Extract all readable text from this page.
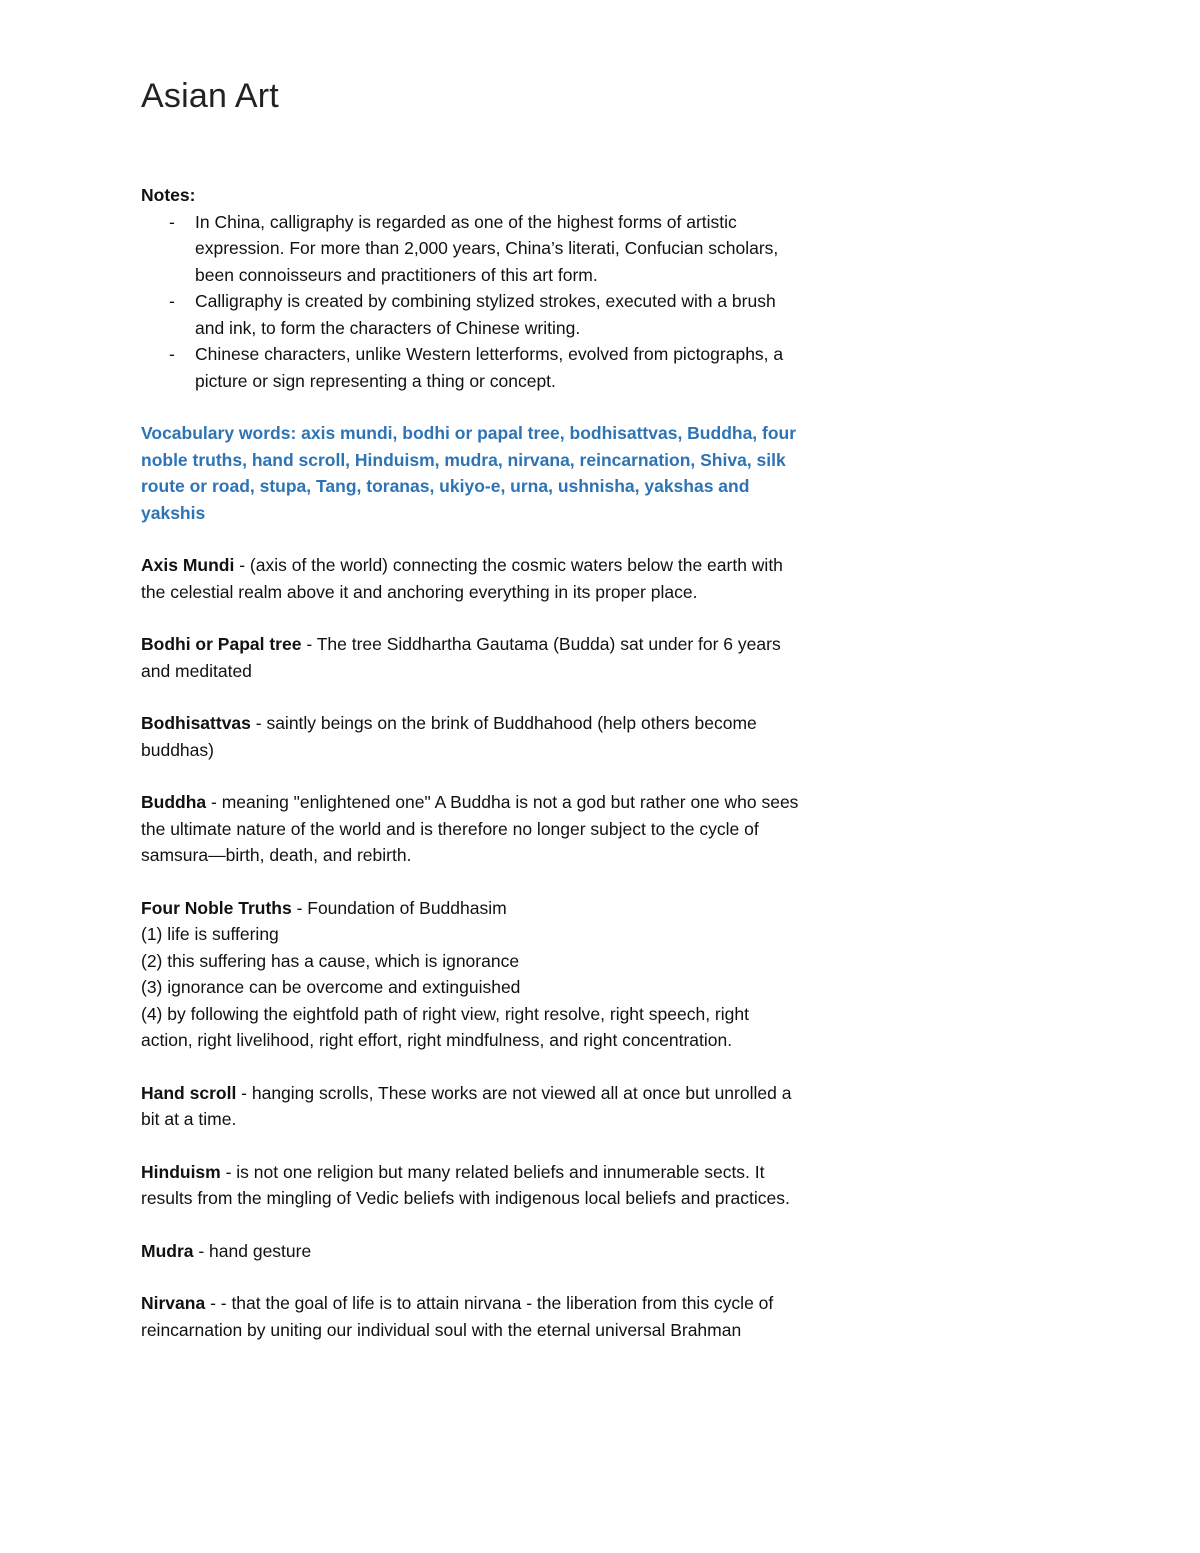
Asian Art
Notes:
- In China, calligraphy is regarded as one of the highest forms of artistic expression. For more than 2,000 years, China’s literati, Confucian scholars, been connoisseurs and practitioners of this art form.
- Calligraphy is created by combining stylized strokes, executed with a brush and ink, to form the characters of Chinese writing.
- Chinese characters, unlike Western letterforms, evolved from pictographs, a picture or sign representing a thing or concept.
Vocabulary words: axis mundi, bodhi or papal tree, bodhisattvas, Buddha, four noble truths, hand scroll, Hinduism, mudra, nirvana, reincarnation, Shiva, silk route or road, stupa, Tang, toranas, ukiyo-e, urna, ushnisha, yakshas and yakshis
Axis Mundi - (axis of the world) connecting the cosmic waters below the earth with the celestial realm above it and anchoring everything in its proper place.
Bodhi or Papal tree - The tree Siddhartha Gautama (Budda) sat under for 6 years and meditated
Bodhisattvas - saintly beings on the brink of Buddhahood (help others become buddhas)
Buddha - meaning "enlightened one" A Buddha is not a god but rather one who sees the ultimate nature of the world and is therefore no longer subject to the cycle of samsura—birth, death, and rebirth.
Four Noble Truths - Foundation of Buddhasim
(1) life is suffering
(2) this suffering has a cause, which is ignorance
(3) ignorance can be overcome and extinguished
(4) by following the eightfold path of right view, right resolve, right speech, right action, right livelihood, right effort, right mindfulness, and right concentration.
Hand scroll - hanging scrolls, These works are not viewed all at once but unrolled a bit at a time.
Hinduism - is not one religion but many related beliefs and innumerable sects. It results from the mingling of Vedic beliefs with indigenous local beliefs and practices.
Mudra - hand gesture
Nirvana - - that the goal of life is to attain nirvana - the liberation from this cycle of reincarnation by uniting our individual soul with the eternal universal Brahman
